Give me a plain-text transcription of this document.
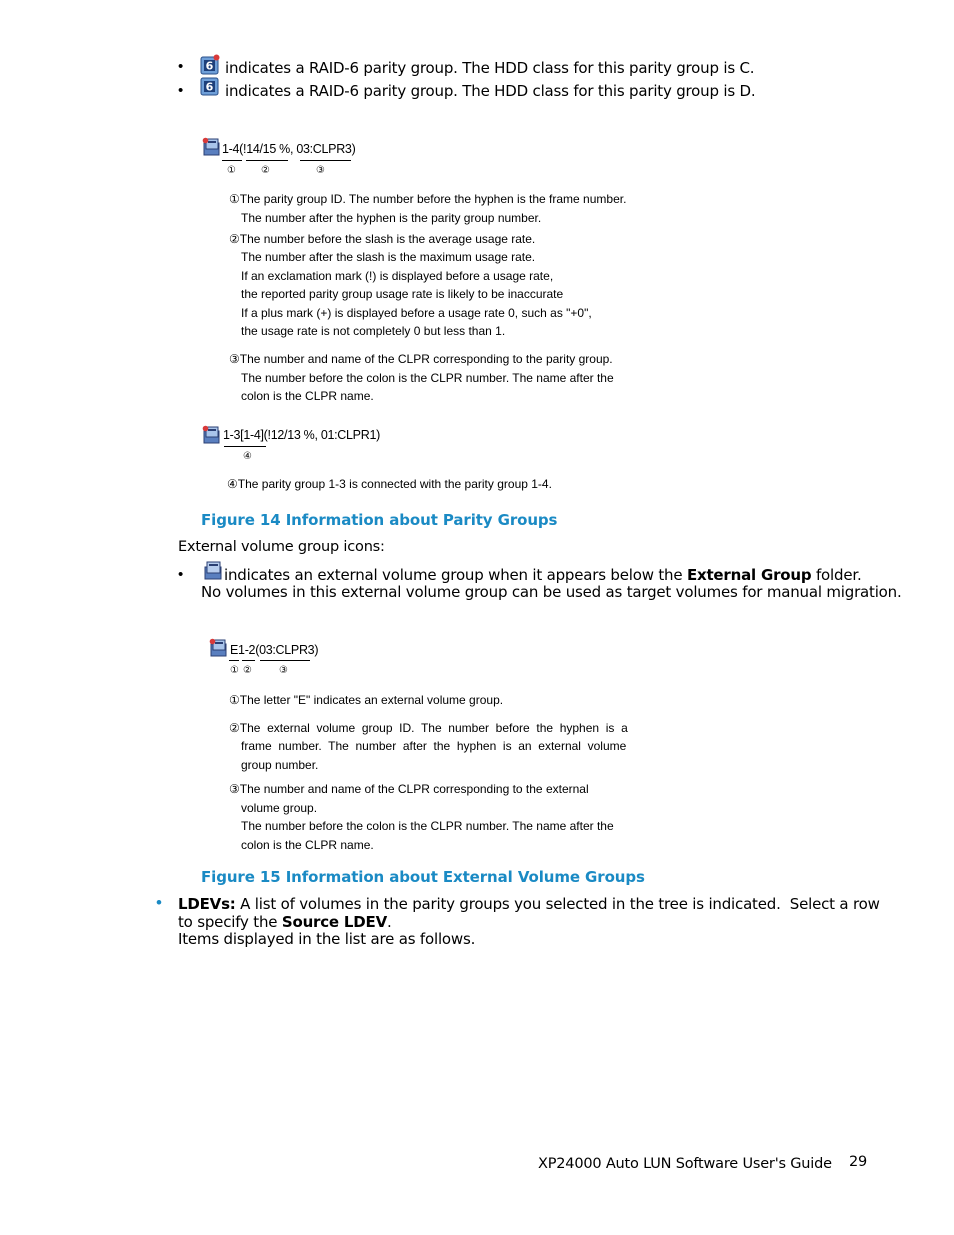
• 6 indicates a RAID-6 parity group. The HDD class for this parity group is C.
• 6 indicates a RAID-6 parity group. The HDD class for this parity group is D.
1-4(!14/15 %, 03:CLPR3)
①	②	③
①The parity group ID. The number before the hyphen is the frame number.
The number after the hyphen is the parity group number.
②The number before the slash is the average usage rate.
The number after the slash is the maximum usage rate.
If an exclamation mark (!) is displayed before a usage rate,
the reported parity group usage rate is likely to be inaccurate
If a plus mark (+) is displayed before a usage rate 0, such as "+0",
the usage rate is not completely 0 but less than 1.
③The number and name of the CLPR corresponding to the parity group.
The number before the colon is the CLPR number. The name after the
colon is the CLPR name.
1-3[1-4](!12/13 %, 01:CLPR1)
④
④The parity group 1-3 is connected with the parity group 1-4.
Figure 14 Information about Parity Groups
External volume group icons:
•	indicates an external volume group when it appears below the External Group folder.
No volumes in this external volume group can be used as target volumes for manual migration.
E1-2(03:CLPR3)
① ②	③
①The letter "E" indicates an external volume group.
②The  external  volume  group  ID.  The  number  before  the  hyphen  is  a
frame  number.  The  number  after  the  hyphen  is  an  external  volume
group number.
③The number and name of the CLPR corresponding to the external
volume group.
The number before the colon is the CLPR number. The name after the
colon is the CLPR name.
Figure 15 Information about External Volume Groups
• LDEVs: A list of volumes in the parity groups you selected in the tree is indicated.  Select a row
to specify the Source LDEV.
Items displayed in the list are as follows.
XP24000 Auto LUN Software User's Guide 29
